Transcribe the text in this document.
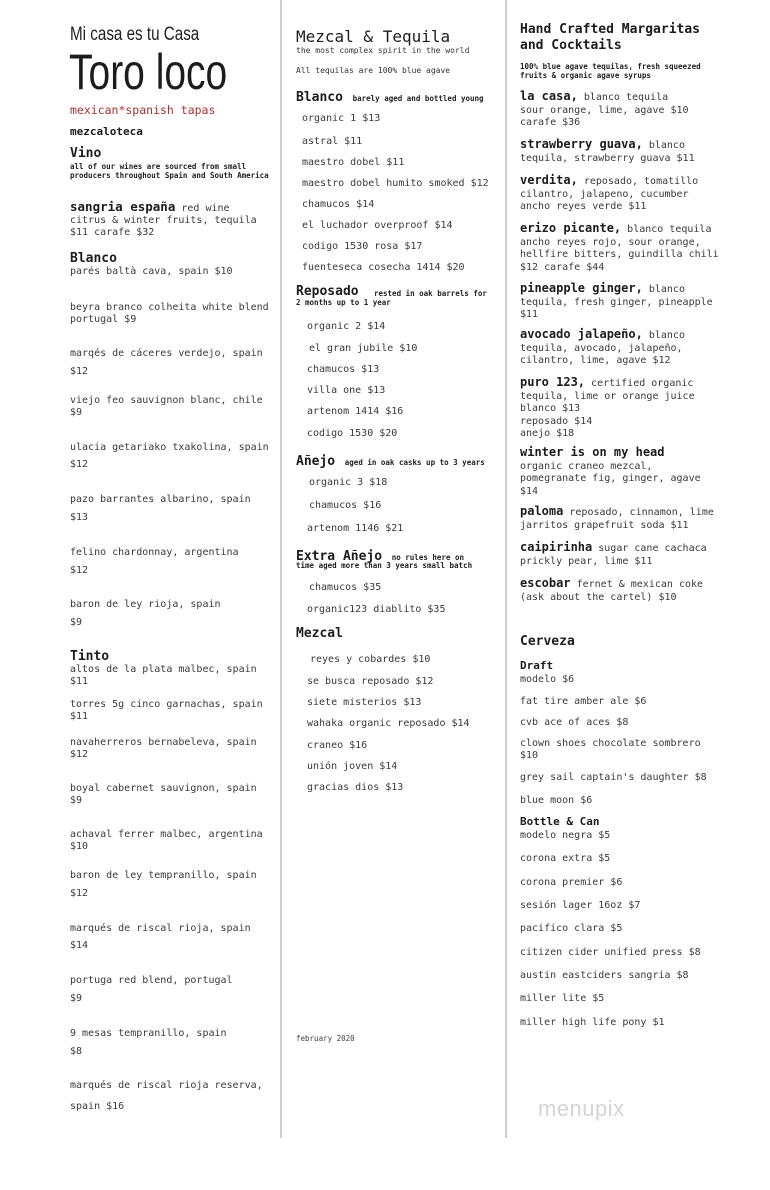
Mi casa es tu Casa
Toro loco
mexican*spanish tapas
mezcaloteca
Vino
all of our wines are sourced from small producers throughout Spain and South America
sangria españa red wine
citrus & winter fruits, tequila
$11 carafe $32
Blanco
parés baltà cava, spain $10
beyra branco colheita white blend
portugal $9
marqés de cáceres verdejo, spain
$12
viejo feo sauvignon blanc, chile
$9
ulacia getariako txakolina, spain
$12
pazo barrantes albarino, spain
$13
felino chardonnay, argentina
$12
baron de ley rioja, spain
$9
Tinto
altos de la plata malbec, spain
$11
torres 5g cinco garnachas, spain
$11
navaherreros bernabeleva, spain
$12
boyal cabernet sauvignon, spain
$9
achaval ferrer malbec, argentina
$10
baron de ley tempranillo, spain
$12
marqués de riscal rioja, spain
$14
portuga red blend, portugal
$9
9 mesas tempranillo, spain
$8
marqués de riscal rioja reserva,
spain $16
Mezcal & Tequila
the most complex spirit in the world
All tequilas are 100% blue agave
Blanco barely aged and bottled young
organic 1 $13
astral $11
maestro dobel $11
maestro dobel humito smoked $12
chamucos $14
el luchador overproof $14
codigo 1530 rosa $17
fuenteseca cosecha 1414 $20
Reposado	rested in oak barrels for 2 months up to 1 year
organic 2 $14
el gran jubile $10
chamucos $13
villa one $13
artenom 1414 $16
codigo 1530 $20
Añejo aged in oak casks up to 3 years
organic 3 $18
chamucos $16
artenom 1146 $21
Extra Añejo no rules here on
time aged more than 3 years small batch
chamucos $35
organic123 diablito $35
Mezcal
reyes y cobardes $10
se busca reposado $12
siete misterios $13
wahaka organic reposado $14
craneo $16
unión joven $14
gracias dios $13
february 2020
Hand Crafted Margaritas
and Cocktails
100% blue agave tequilas, fresh squeezed fruits & organic agave syrups
la casa, blanco tequila
sour orange, lime, agave $10
carafe $36
strawberry guava, blanco
tequila, strawberry guava $11
verdita, reposado, tomatillo
cilantro, jalapeno, cucumber
ancho reyes verde $11
erizo picante, blanco tequila
ancho reyes rojo, sour orange,
hellfire bitters, guindilla chili
$12 carafe $44
pineapple ginger, blanco
tequila, fresh ginger, pineapple
$11
avocado jalapeño, blanco
tequila, avocado, jalapeño,
cilantro, lime, agave $12
puro 123, certified organic
tequila, lime or orange juice
blanco $13
reposado $14
anejo $18
winter is on my head
organic craneo mezcal,
pomegranate fig, ginger, agave
$14
paloma reposado, cinnamon, lime
jarritos grapefruit soda $11
caipirinha sugar cane cachaca
prickly pear, lime $11
escobar fernet & mexican coke
(ask about the cartel) $10
Cerveza
Draft
modelo $6
fat tire amber ale $6
cvb ace of aces $8
clown shoes chocolate sombrero
$10
grey sail captain's daughter $8
blue moon $6
Bottle & Can
modelo negra $5
corona extra $5
corona premier $6
sesión lager 16oz $7
pacifico clara $5
citizen cider unified press $8
austin eastciders sangria $8
miller lite $5
miller high life pony $1
menupix
